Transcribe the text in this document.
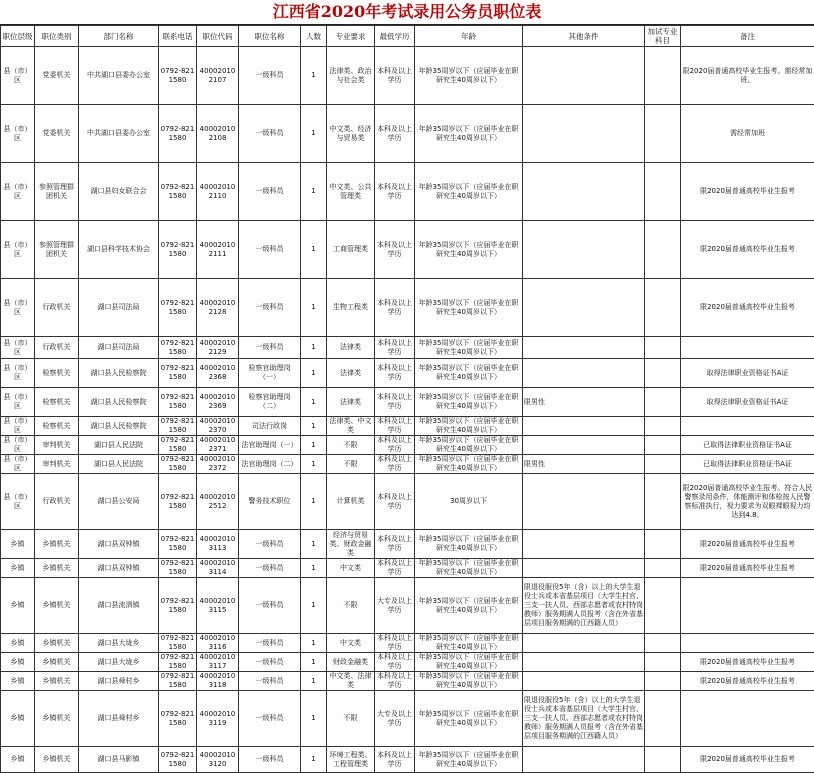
江西省2020年考试录用公务员职位表
职位层级	职位类别	部门名称	联系电话	职位代码	职位名称	人数	专业要求	最低学历	年龄	其他条件	加试专业科目	备注
县（市）区	党委机关	中共湖口县委办公室	0792-8211580	400020102107	一级科员	1	法律类、政治与社会类	本科及以上学历	年龄35周岁以下（应届毕业在职研究生40周岁以下）			限2020届普通高校毕业生报考。需经常加班。
县（市）区	党委机关	中共湖口县委办公室	0792-8211580	400020102108	一级科员	1	中文类、经济与贸易类	本科及以上学历	年龄35周岁以下（应届毕业在职研究生40周岁以下）			需经常加班
县（市）区	参照管理群团机关	湖口县妇女联合会	0792-8211580	400020102110	一级科员	1	中文类、公共管理类	本科及以上学历	年龄35周岁以下（应届毕业在职研究生40周岁以下）			限2020届普通高校毕业生报考
县（市）区	参照管理群团机关	湖口县科学技术协会	0792-8211580	400020102111	一级科员	1	工商管理类	本科及以上学历	年龄35周岁以下（应届毕业在职研究生40周岁以下）			限2020届普通高校毕业生报考
县（市）区	行政机关	湖口县司法局	0792-8211580	400020102128	一级科员	1	生物工程类	本科及以上学历	年龄35周岁以下（应届毕业在职研究生40周岁以下）			限2020届普通高校毕业生报考
县（市）区	行政机关	湖口县司法局	0792-8211580	400020102129	一级科员	1	法律类	本科及以上学历	年龄35周岁以下（应届毕业在职研究生40周岁以下）			
县（市）区	检察机关	湖口县人民检察院	0792-8211580	400020102368	检察官助理岗（一）	1	法律类	本科及以上学历	年龄35周岁以下（应届毕业在职研究生40周岁以下）			取得法律职业资格证书A证
县（市）区	检察机关	湖口县人民检察院	0792-8211580	400020102369	检察官助理岗（二）	1	法律类	本科及以上学历	年龄35周岁以下（应届毕业在职研究生40周岁以下）	限男性		取得法律职业资格证书A证
县（市）区	检察机关	湖口县人民检察院	0792-8211580	400020102370	司法行政岗	1	法律类、中文类	本科及以上学历	年龄35周岁以下（应届毕业在职研究生40周岁以下）			
县（市）区	审判机关	湖口县人民法院	0792-8211580	400020102371	法官助理岗（一）	1	不限	本科及以上学历	年龄35周岁以下（应届毕业在职研究生40周岁以下）			已取得法律职业资格证书A证
县（市）区	审判机关	湖口县人民法院	0792-8211580	400020102372	法官助理岗（二）	1	不限	本科及以上学历	年龄35周岁以下（应届毕业在职研究生40周岁以下）	限男性		已取得法律职业资格证书A证
县（市）区	行政机关	湖口县公安局	0792-8211580	400020102512	警务技术职位	1	计算机类	本科及以上学历	30周岁以下			限2020届普通高校毕业生报考。符合人民警察录用条件，体能测评和体检按人民警察标准执行，视力要求为双眼裸眼视力均达到4.8。
乡镇	乡镇机关	湖口县双钟镇	0792-8211580	400020103113	一级科员	1	经济与贸易类、财政金融类	本科及以上学历	年龄35周岁以下（应届毕业在职研究生40周岁以下）			限2020届普通高校毕业生报考
乡镇	乡镇机关	湖口县双钟镇	0792-8211580	400020103114	一级科员	1	中文类	本科及以上学历	年龄35周岁以下（应届毕业在职研究生40周岁以下）			限2020届普通高校毕业生报考
乡镇	乡镇机关	湖口县流泗镇	0792-8211580	400020103115	一级科员	1	不限	大专及以上学历	年龄35周岁以下（应届毕业在职研究生40周岁以下）	限退役服役5年（含）以上的大学生退役士兵或本省基层项目（大学生村官、三支一扶人员、西部志愿者或农村特岗教师）服务期满人员报考（含在外省基层项目服务期满的江西籍人员）		
乡镇	乡镇机关	湖口县大垅乡	0792-8211580	400020103116	一级科员	1	中文类	本科及以上学历	年龄35周岁以下（应届毕业在职研究生40周岁以下）			
乡镇	乡镇机关	湖口县大垅乡	0792-8211580	400020103117	一级科员	1	财政金融类	本科及以上学历	年龄35周岁以下（应届毕业在职研究生40周岁以下）			限2020届普通高校毕业生报考
乡镇	乡镇机关	湖口县舜村乡	0792-8211580	400020103118	一级科员	1	中文类、法律类	本科及以上学历	年龄35周岁以下（应届毕业在职研究生40周岁以下）			限2020届普通高校毕业生报考
乡镇	乡镇机关	湖口县舜村乡	0792-8211580	400020103119	一级科员	1	不限	大专及以上学历	年龄35周岁以下（应届毕业在职研究生40周岁以下）	限退役服役5年（含）以上的大学生退役士兵或本省基层项目（大学生村官、三支一扶人员、西部志愿者或农村特岗教师）服务期满人员报考（含在外省基层项目服务期满的江西籍人员）		
乡镇	乡镇机关	湖口县马影镇	0792-8211580	400020103120	一级科员	1	环境工程类、工程管理类	本科及以上学历	年龄35周岁以下（应届毕业在职研究生40周岁以下）			限2020届普通高校毕业生报考
